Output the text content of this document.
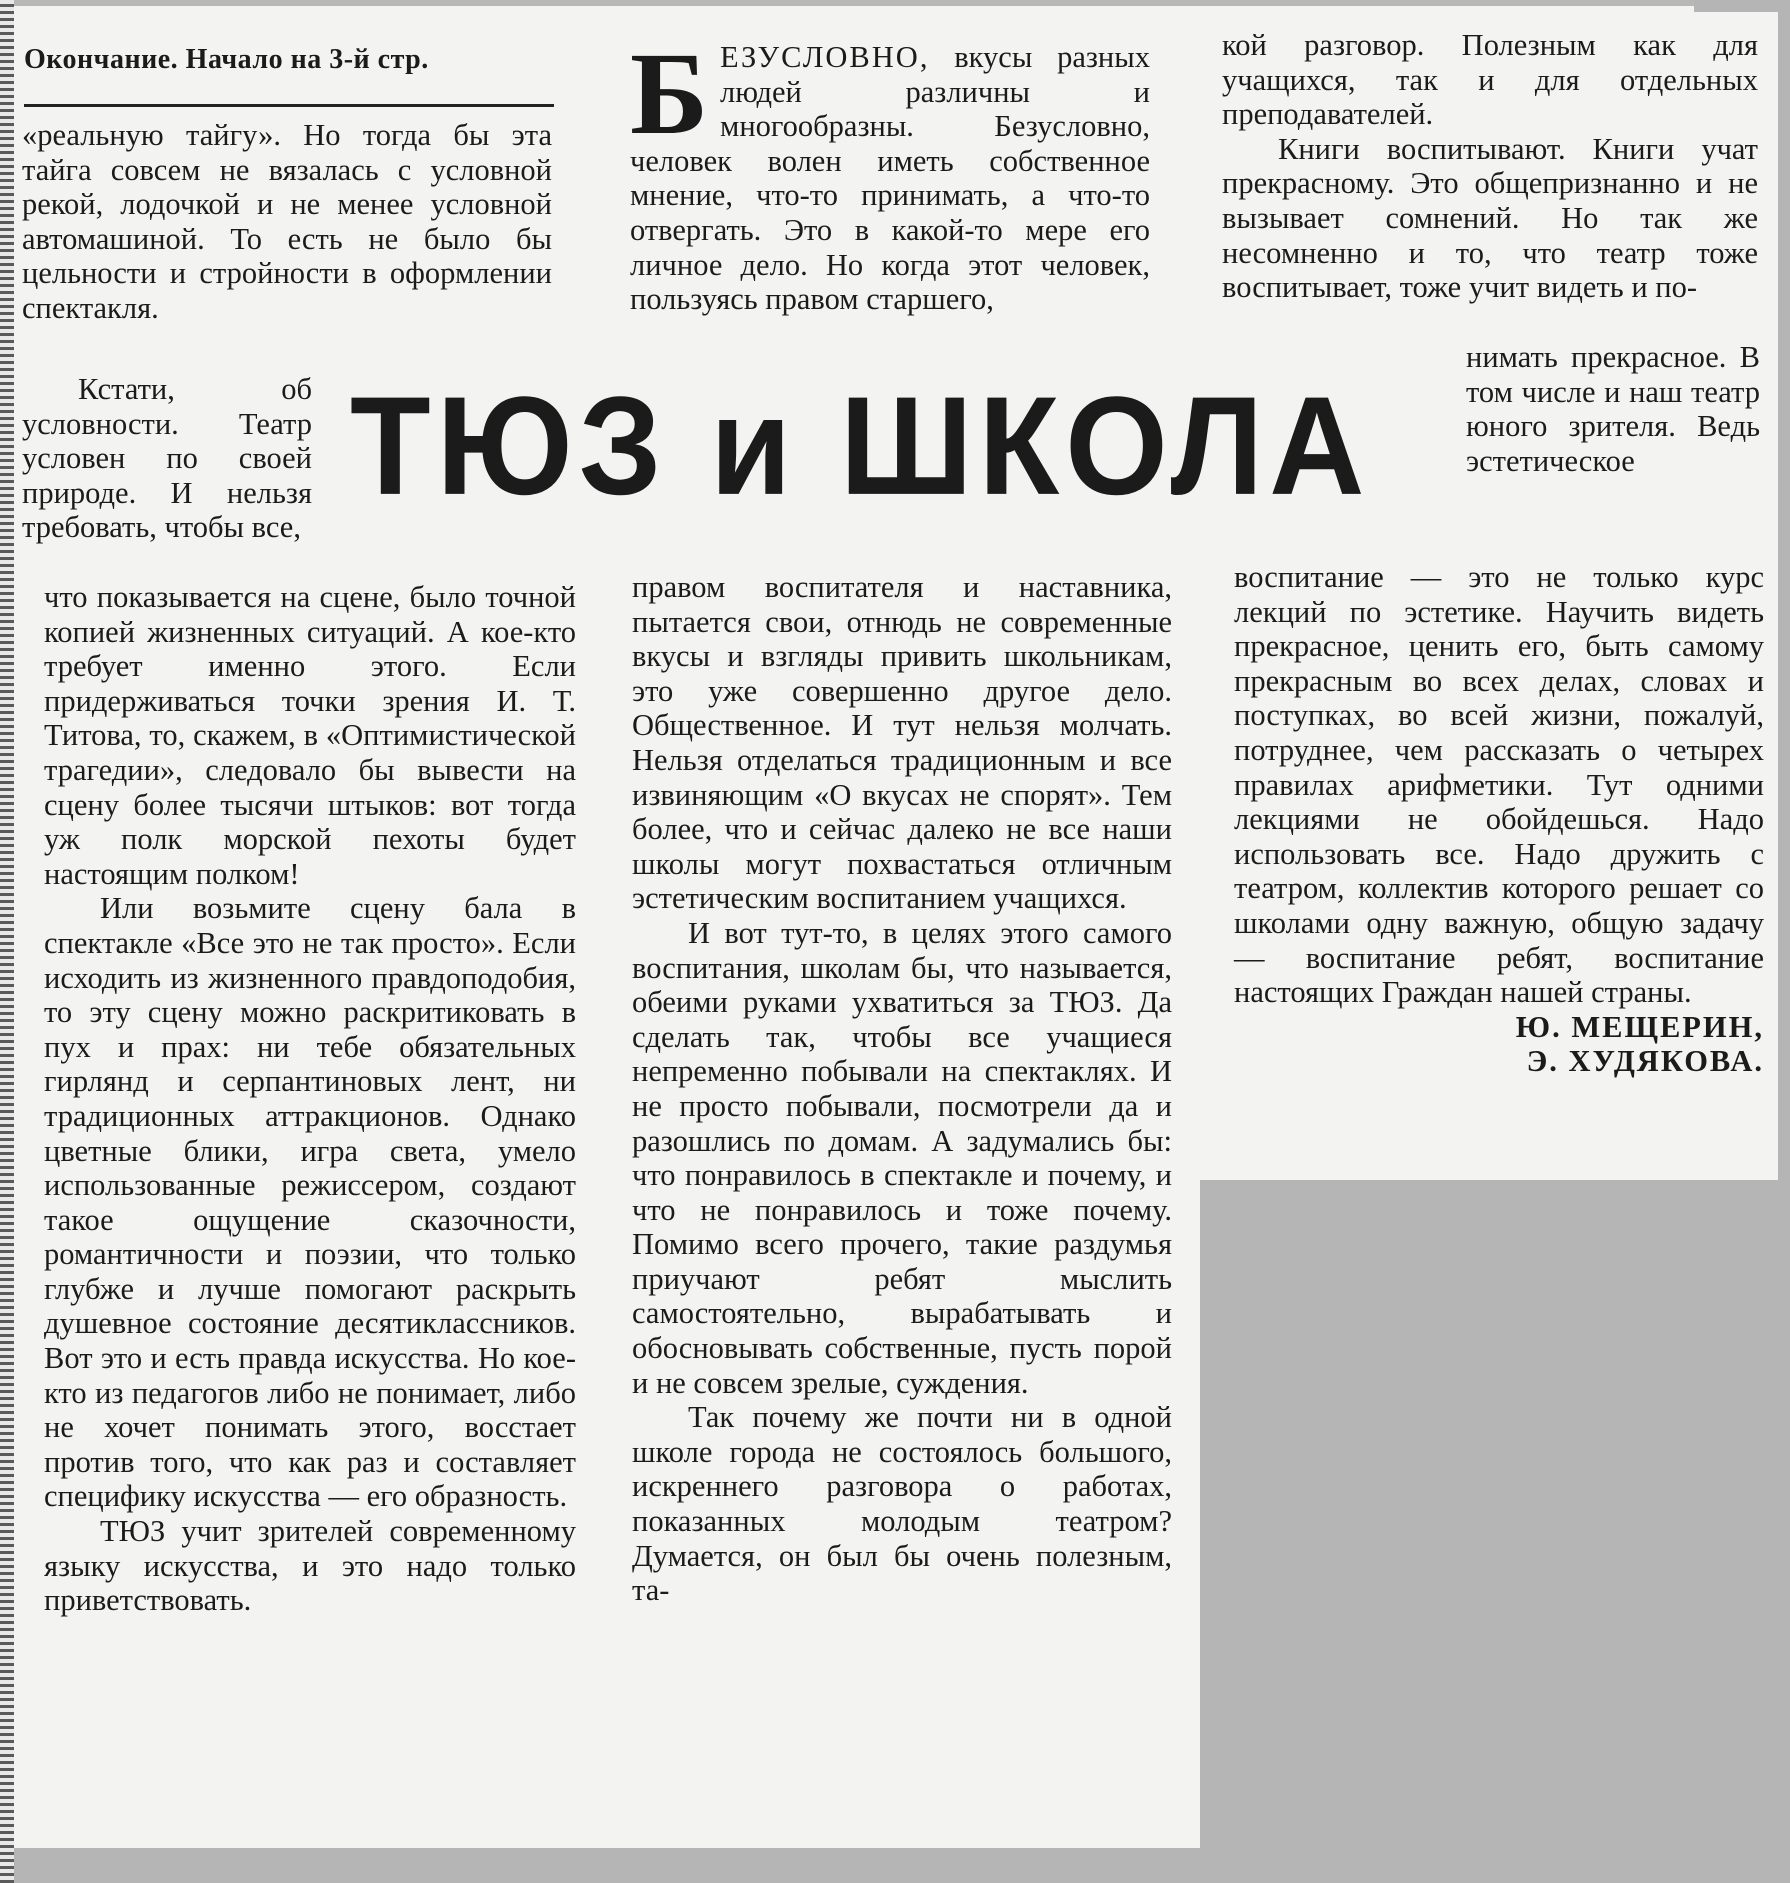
Окончание. Начало на 3-й стр.

«реальную тайгу». Но тогда бы эта тайга совсем не вязалась с условной рекой, лодочкой и не менее условной автомашиной. То есть не было бы цельности и стройности в оформлении спектакля.

Кстати, об условности. Театр условен по своей природе. И нельзя требовать, чтобы все,

что показывается на сцене, было точной копией жизненных ситуаций. А кое-кто требует именно этого. Если придерживаться точки зрения И. Т. Титова, то, скажем, в «Оптимистической трагедии», следовало бы вывести на сцену более тысячи штыков: вот тогда уж полк морской пехоты будет настоящим полком!

Или возьмите сцену бала в спектакле «Все это не так просто». Если исходить из жизненного правдоподобия, то эту сцену можно раскритиковать в пух и прах: ни тебе обязательных гирлянд и серпантиновых лент, ни традиционных аттракционов. Однако цветные блики, игра света, умело использованные режиссером, создают такое ощущение сказочности, романтичности и поэзии, что только глубже и лучше помогают раскрыть душевное состояние десятиклассников. Вот это и есть правда искусства. Но кое-кто из педагогов либо не понимает, либо не хочет понимать этого, восстает против того, что как раз и составляет специфику искусства — его образность.

ТЮЗ учит зрителей современному языку искусства, и это надо только приветствовать.

БЕЗУСЛОВНО, вкусы разных людей различны и многообразны. Безусловно, человек волен иметь собственное мнение, что-то принимать, а что-то отвергать. Это в какой-то мере его личное дело. Но когда этот человек, пользуясь правом старшего,

ТЮЗ и ШКОЛА

правом воспитателя и наставника, пытается свои, отнюдь не современные вкусы и взгляды привить школьникам, это уже совершенно другое дело. Общественное. И тут нельзя молчать. Нельзя отделаться традиционным и все извиняющим «О вкусах не спорят». Тем более, что и сейчас далеко не все наши школы могут похвастаться отличным эстетическим воспитанием учащихся.

И вот тут-то, в целях этого самого воспитания, школам бы, что называется, обеими руками ухватиться за ТЮЗ. Да сделать так, чтобы все учащиеся непременно побывали на спектаклях. И не просто побывали, посмотрели да и разошлись по домам. А задумались бы: что понравилось в спектакле и почему, и что не понравилось и тоже почему. Помимо всего прочего, такие раздумья приучают ребят мыслить самостоятельно, вырабатывать и обосновывать собственные, пусть порой и не совсем зрелые, суждения.

Так почему же почти ни в одной школе города не состоялось большого, искреннего разговора о работах, показанных молодым театром? Думается, он был бы очень полезным, та-

кой разговор. Полезным как для учащихся, так и для отдельных преподавателей.

Книги воспитывают. Книги учат прекрасному. Это общепризнанно и не вызывает сомнений. Но так же несомненно и то, что театр тоже воспитывает, тоже учит видеть и по-

нимать прекрасное. В том числе и наш театр юного зрителя. Ведь эстетическое

воспитание — это не только курс лекций по эстетике. Научить видеть прекрасное, ценить его, быть самому прекрасным во всех делах, словах и поступках, во всей жизни, пожалуй, потруднее, чем рассказать о четырех правилах арифметики. Тут одними лекциями не обойдешься. Надо использовать все. Надо дружить с театром, коллектив которого решает со школами одну важную, общую задачу — воспитание ребят, воспитание настоящих Граждан нашей страны.

Ю. МЕЩЕРИН,
Э. ХУДЯКОВА.
